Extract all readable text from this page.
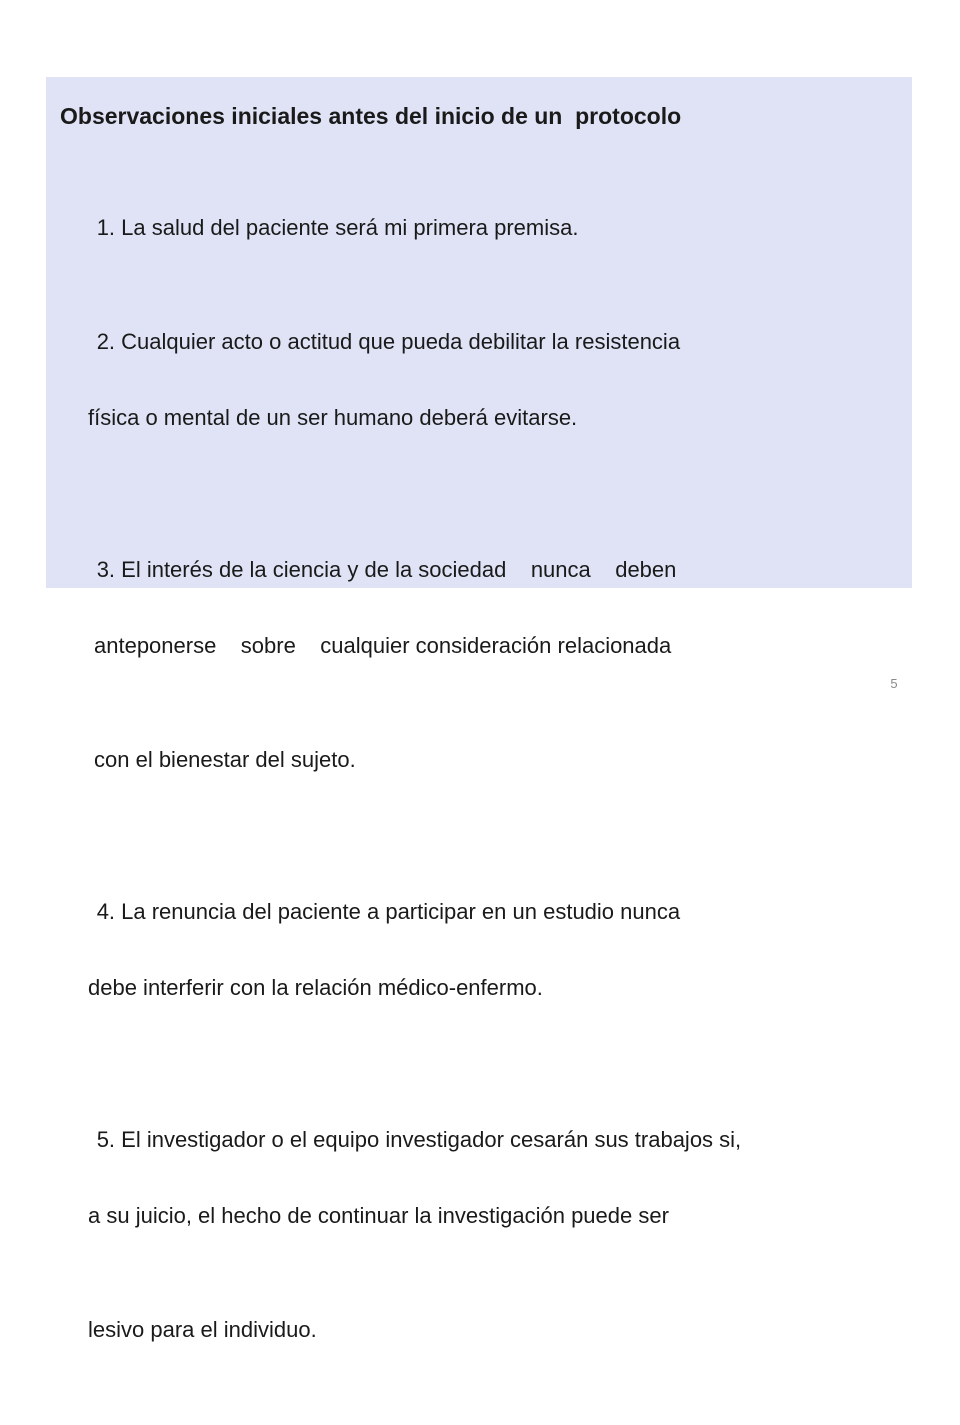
Observaciones iniciales antes del inicio de un  protocolo

1. La salud del paciente será mi primera premisa.

2. Cualquier acto o actitud que pueda debilitar la resistencia

física o mental de un ser humano deberá evitarse.

3. El interés de la ciencia y de la sociedad    nunca    deben

anteponerse    sobre    cualquier consideración relacionada

con el bienestar del sujeto.

4. La renuncia del paciente a participar en un estudio nunca

debe interferir con la relación médico-enfermo.

5. El investigador o el equipo investigador cesarán sus trabajos si,

a su juicio, el hecho de continuar la investigación puede ser

lesivo para el individuo.

5
